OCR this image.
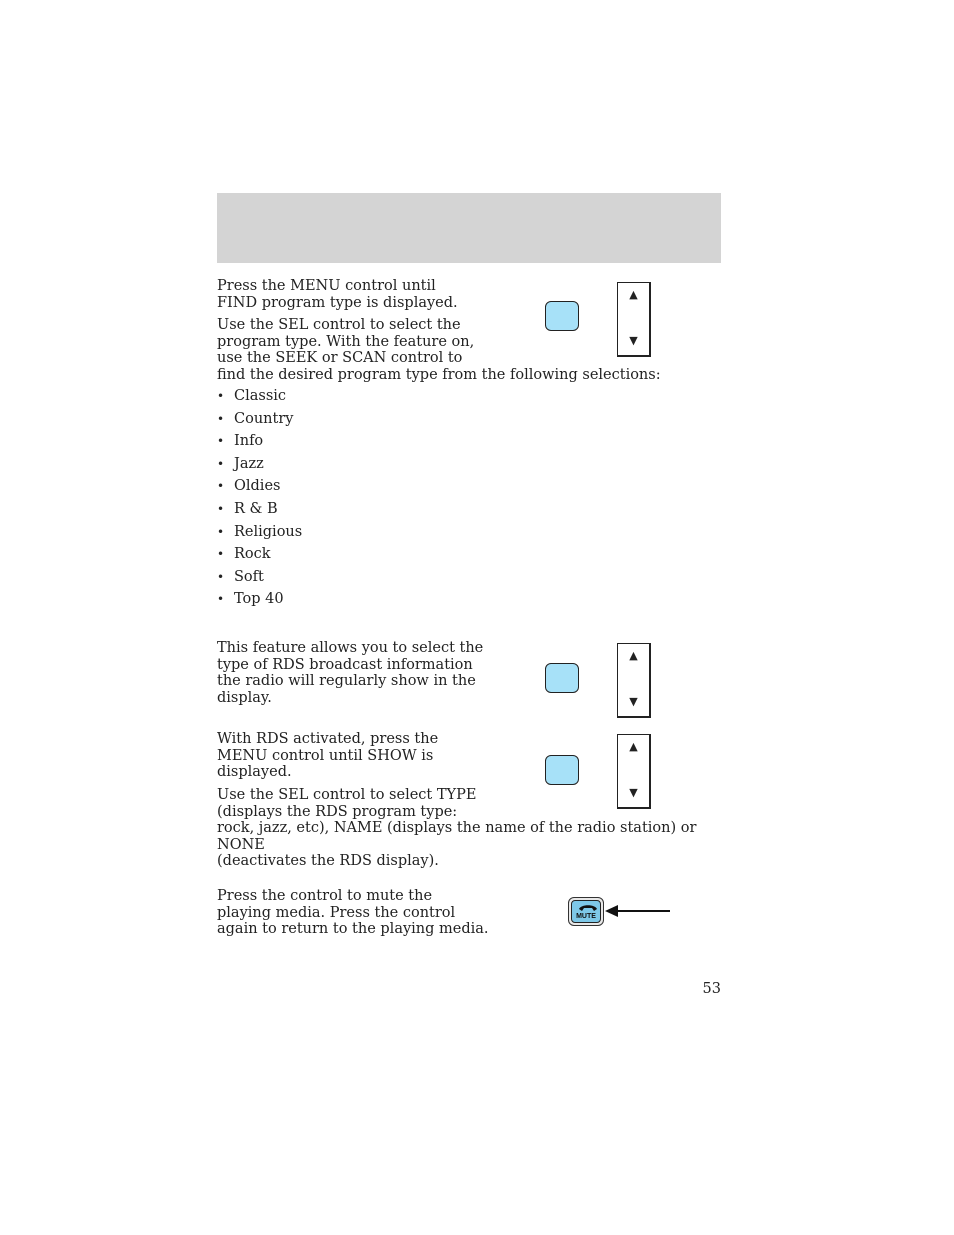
Press the MENU control until FIND program type is displayed.

Use the SEL control to select the
program type. With the feature on,
use the SEEK or SCAN control to
find the desired program type from the following selections:
▲
▼
• Classic
• Country
• Info
• Jazz
• Oldies
• R & B
• Religious
• Rock
• Soft
• Top 40
This feature allows you to select the
type of RDS broadcast information
the radio will regularly show in the
display.
▲
▼
With RDS activated, press the
MENU control until SHOW is
displayed.
▲
▼
Use the SEL control to select TYPE
(displays the RDS program type:
rock, jazz, etc), NAME (displays the name of the radio station) or NONE
(deactivates the RDS display).
Press the control to mute the
playing media. Press the control
again to return to the playing media.
MUTE
53
